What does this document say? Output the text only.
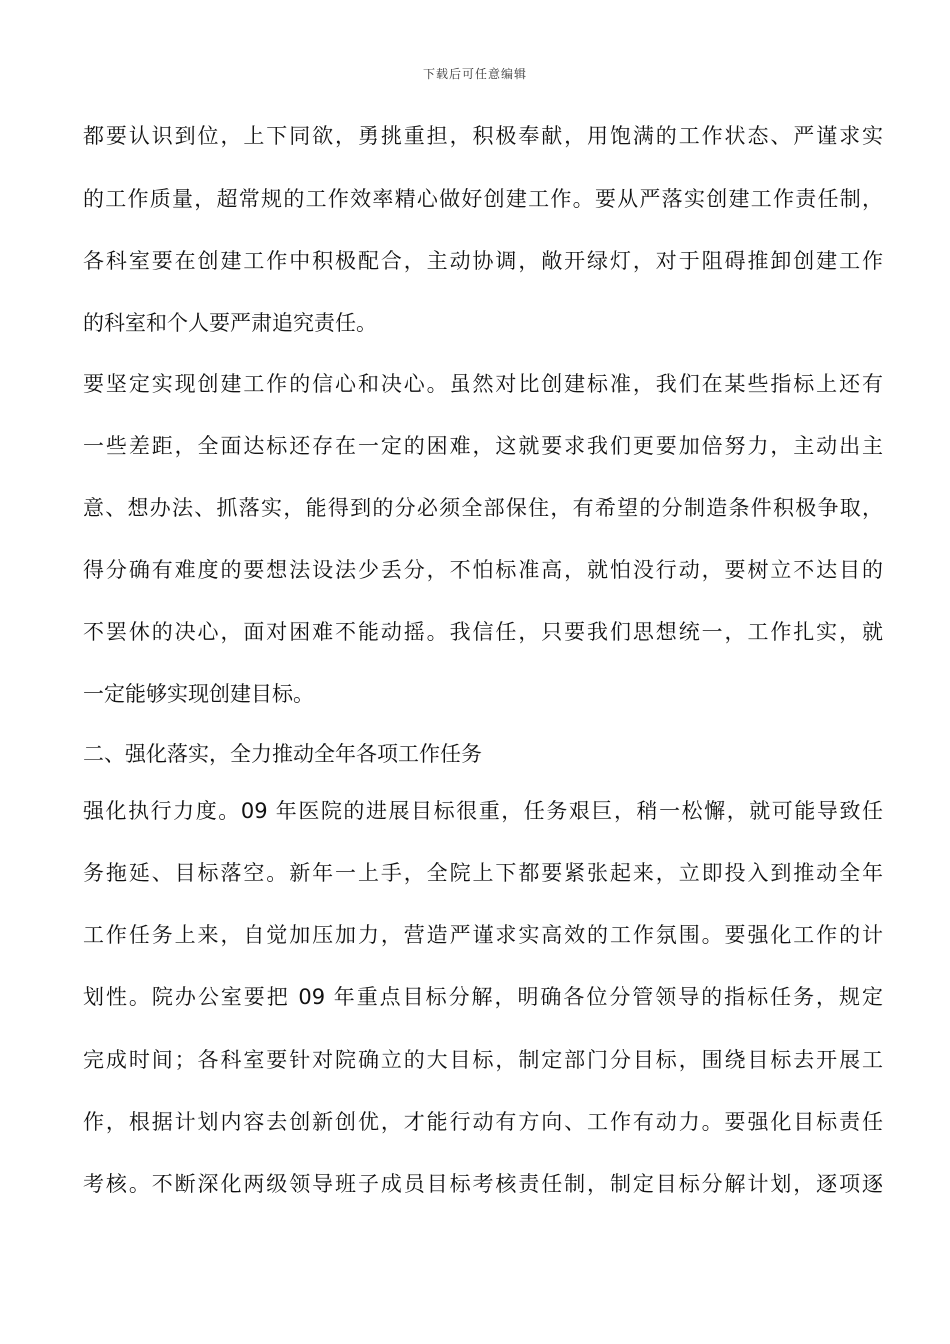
下载后可任意编辑
都要认识到位，上下同欲，勇挑重担，积极奉献，用饱满的工作状态、严谨求实
的工作质量，超常规的工作效率精心做好创建工作。要从严落实创建工作责任制，
各科室要在创建工作中积极配合，主动协调，敞开绿灯，对于阻碍推卸创建工作
的科室和个人要严肃追究责任。
要坚定实现创建工作的信心和决心。虽然对比创建标准，我们在某些指标上还有
一些差距，全面达标还存在一定的困难，这就要求我们更要加倍努力，主动出主
意、想办法、抓落实，能得到的分必须全部保住，有希望的分制造条件积极争取，
得分确有难度的要想法设法少丢分，不怕标准高，就怕没行动，要树立不达目的
不罢休的决心，面对困难不能动摇。我信任，只要我们思想统一，工作扎实，就
一定能够实现创建目标。
二、强化落实，全力推动全年各项工作任务
强化执行力度。09 年医院的进展目标很重，任务艰巨，稍一松懈，就可能导致任
务拖延、目标落空。新年一上手，全院上下都要紧张起来，立即投入到推动全年
工作任务上来，自觉加压加力，营造严谨求实高效的工作氛围。要强化工作的计
划性。院办公室要把 09 年重点目标分解，明确各位分管领导的指标任务，规定
完成时间；各科室要针对院确立的大目标，制定部门分目标，围绕目标去开展工
作，根据计划内容去创新创优，才能行动有方向、工作有动力。要强化目标责任
考核。不断深化两级领导班子成员目标考核责任制，制定目标分解计划，逐项逐
